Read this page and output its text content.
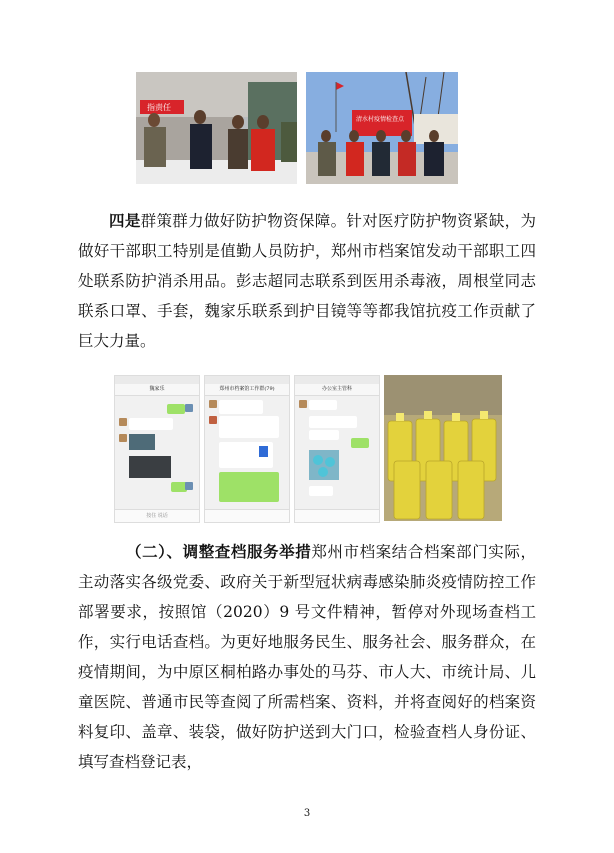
指责任
清水村疫情检查点

四是群策群力做好防护物资保障。针对医疗防护物资紧缺，为做好干部职工特别是值勤人员防护，郑州市档案馆发动干部职工四处联系防护消杀用品。彭志超同志联系到医用杀毒液，周根堂同志联系口罩、手套，魏家乐联系到护目镜等等都我馆抗疫工作贡献了巨大力量。

魏家乐
按住 说话
郑州市档案馆工作群(79)	办公室主管科

（二）、调整查档服务举措郑州市档案结合档案部门实际，主动落实各级党委、政府关于新型冠状病毒感染肺炎疫情防控工作部署要求，按照馆（2020）9 号文件精神，暂停对外现场查档工作，实行电话查档。为更好地服务民生、服务社会、服务群众，在疫情期间，为中原区桐柏路办事处的马芬、市人大、市统计局、儿童医院、普通市民等查阅了所需档案、资料，并将查阅好的档案资料复印、盖章、装袋，做好防护送到大门口，检验查档人身份证、填写查档登记表，

3
